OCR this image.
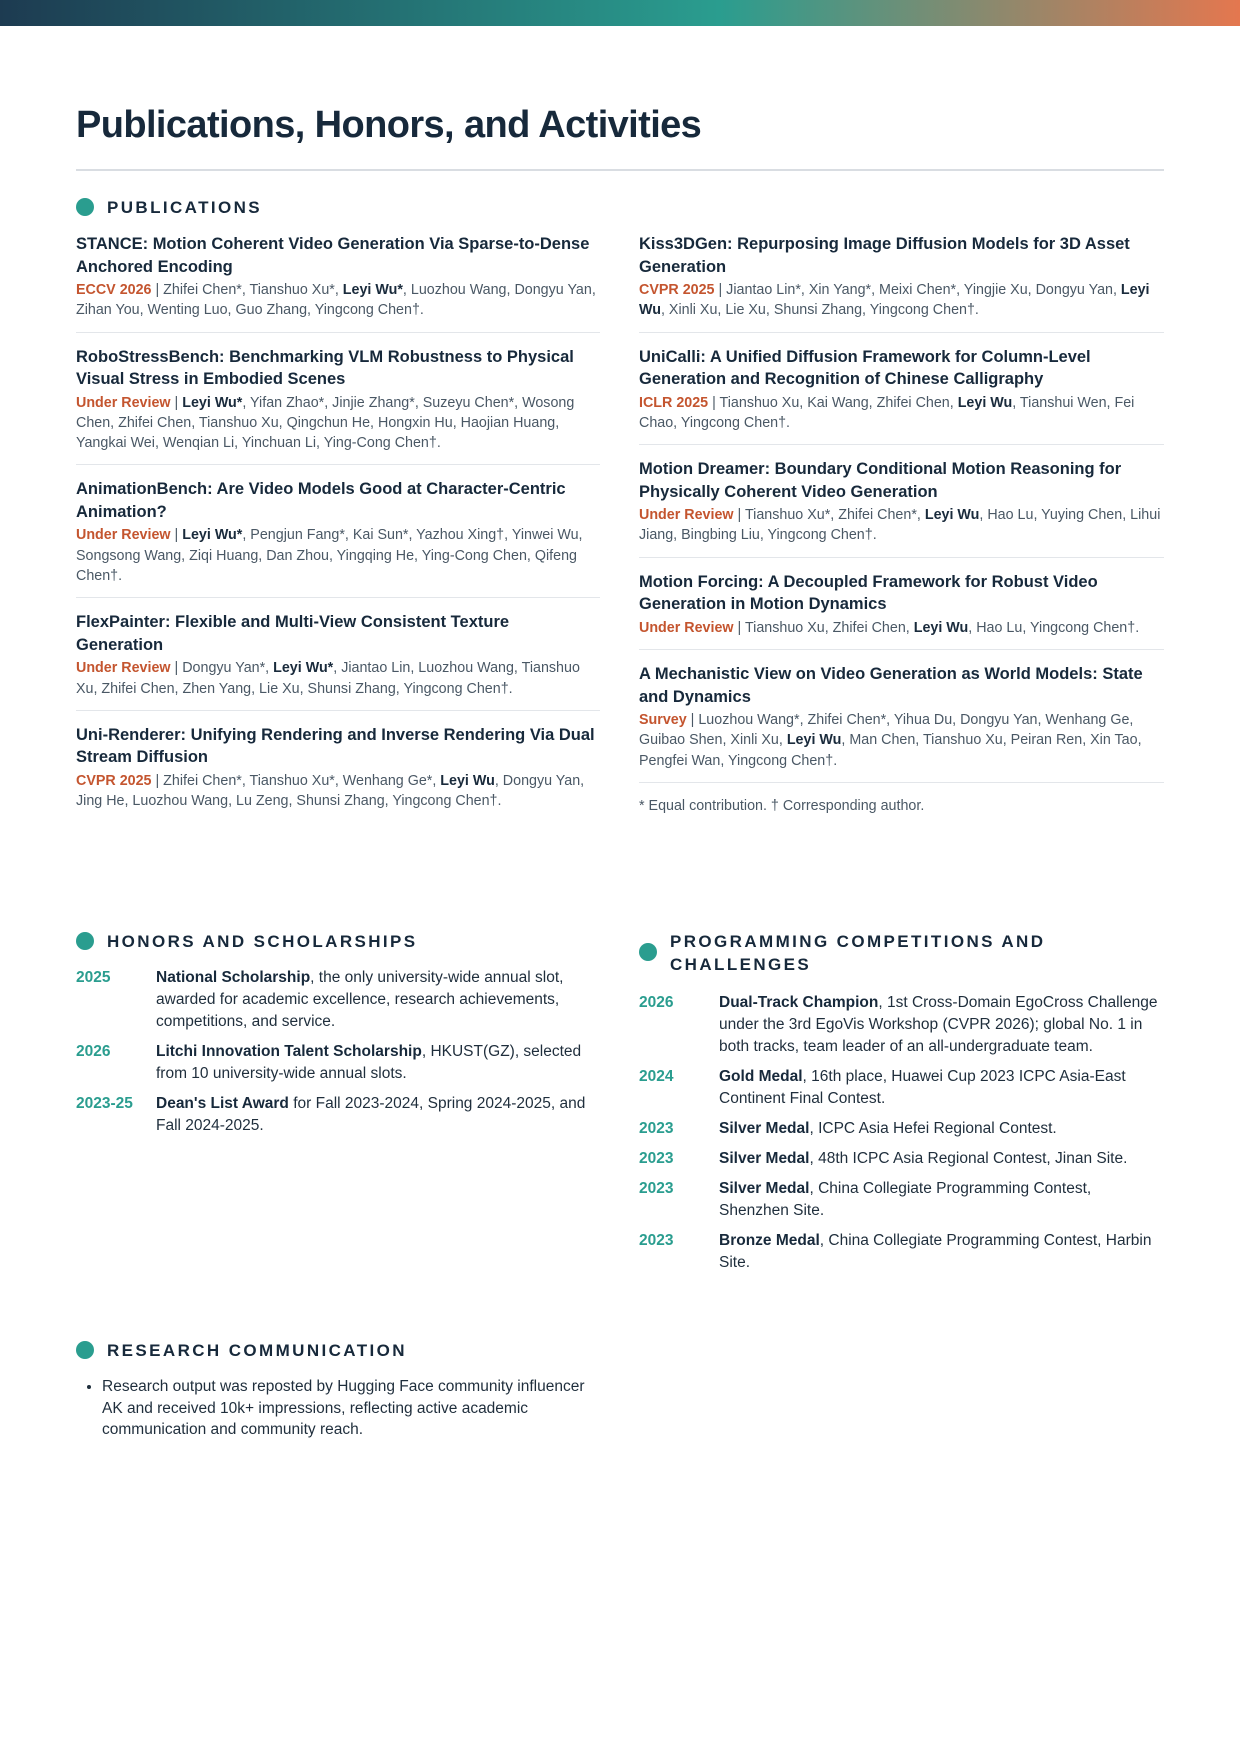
Publications, Honors, and Activities
PUBLICATIONS
STANCE: Motion Coherent Video Generation Via Sparse-to-Dense Anchored Encoding
ECCV 2026 | Zhifei Chen*, Tianshuo Xu*, Leyi Wu*, Luozhou Wang, Dongyu Yan, Zihan You, Wenting Luo, Guo Zhang, Yingcong Chen†.
RoboStressBench: Benchmarking VLM Robustness to Physical Visual Stress in Embodied Scenes
Under Review | Leyi Wu*, Yifan Zhao*, Jinjie Zhang*, Suzeyu Chen*, Wosong Chen, Zhifei Chen, Tianshuo Xu, Qingchun He, Hongxin Hu, Haojian Huang, Yangkai Wei, Wenqian Li, Yinchuan Li, Ying-Cong Chen†.
AnimationBench: Are Video Models Good at Character-Centric Animation?
Under Review | Leyi Wu*, Pengjun Fang*, Kai Sun*, Yazhou Xing†, Yinwei Wu, Songsong Wang, Ziqi Huang, Dan Zhou, Yingqing He, Ying-Cong Chen, Qifeng Chen†.
FlexPainter: Flexible and Multi-View Consistent Texture Generation
Under Review | Dongyu Yan*, Leyi Wu*, Jiantao Lin, Luozhou Wang, Tianshuo Xu, Zhifei Chen, Zhen Yang, Lie Xu, Shunsi Zhang, Yingcong Chen†.
Uni-Renderer: Unifying Rendering and Inverse Rendering Via Dual Stream Diffusion
CVPR 2025 | Zhifei Chen*, Tianshuo Xu*, Wenhang Ge*, Leyi Wu, Dongyu Yan, Jing He, Luozhou Wang, Lu Zeng, Shunsi Zhang, Yingcong Chen†.
Kiss3DGen: Repurposing Image Diffusion Models for 3D Asset Generation
CVPR 2025 | Jiantao Lin*, Xin Yang*, Meixi Chen*, Yingjie Xu, Dongyu Yan, Leyi Wu, Xinli Xu, Lie Xu, Shunsi Zhang, Yingcong Chen†.
UniCalli: A Unified Diffusion Framework for Column-Level Generation and Recognition of Chinese Calligraphy
ICLR 2025 | Tianshuo Xu, Kai Wang, Zhifei Chen, Leyi Wu, Tianshui Wen, Fei Chao, Yingcong Chen†.
Motion Dreamer: Boundary Conditional Motion Reasoning for Physically Coherent Video Generation
Under Review | Tianshuo Xu*, Zhifei Chen*, Leyi Wu, Hao Lu, Yuying Chen, Lihui Jiang, Bingbing Liu, Yingcong Chen†.
Motion Forcing: A Decoupled Framework for Robust Video Generation in Motion Dynamics
Under Review | Tianshuo Xu, Zhifei Chen, Leyi Wu, Hao Lu, Yingcong Chen†.
A Mechanistic View on Video Generation as World Models: State and Dynamics
Survey | Luozhou Wang*, Zhifei Chen*, Yihua Du, Dongyu Yan, Wenhang Ge, Guibao Shen, Xinli Xu, Leyi Wu, Man Chen, Tianshuo Xu, Peiran Ren, Xin Tao, Pengfei Wan, Yingcong Chen†.
* Equal contribution. † Corresponding author.
HONORS AND SCHOLARSHIPS
2025	National Scholarship, the only university-wide annual slot, awarded for academic excellence, research achievements, competitions, and service.
2026	Litchi Innovation Talent Scholarship, HKUST(GZ), selected from 10 university-wide annual slots.
2023-25	Dean's List Award for Fall 2023-2024, Spring 2024-2025, and Fall 2024-2025.
PROGRAMMING COMPETITIONS AND CHALLENGES
2026	Dual-Track Champion, 1st Cross-Domain EgoCross Challenge under the 3rd EgoVis Workshop (CVPR 2026); global No. 1 in both tracks, team leader of an all-undergraduate team.
2024	Gold Medal, 16th place, Huawei Cup 2023 ICPC Asia-East Continent Final Contest.
2023	Silver Medal, ICPC Asia Hefei Regional Contest.
2023	Silver Medal, 48th ICPC Asia Regional Contest, Jinan Site.
2023	Silver Medal, China Collegiate Programming Contest, Shenzhen Site.
2023	Bronze Medal, China Collegiate Programming Contest, Harbin Site.
RESEARCH COMMUNICATION
• Research output was reposted by Hugging Face community influencer AK and received 10k+ impressions, reflecting active academic communication and community reach.
